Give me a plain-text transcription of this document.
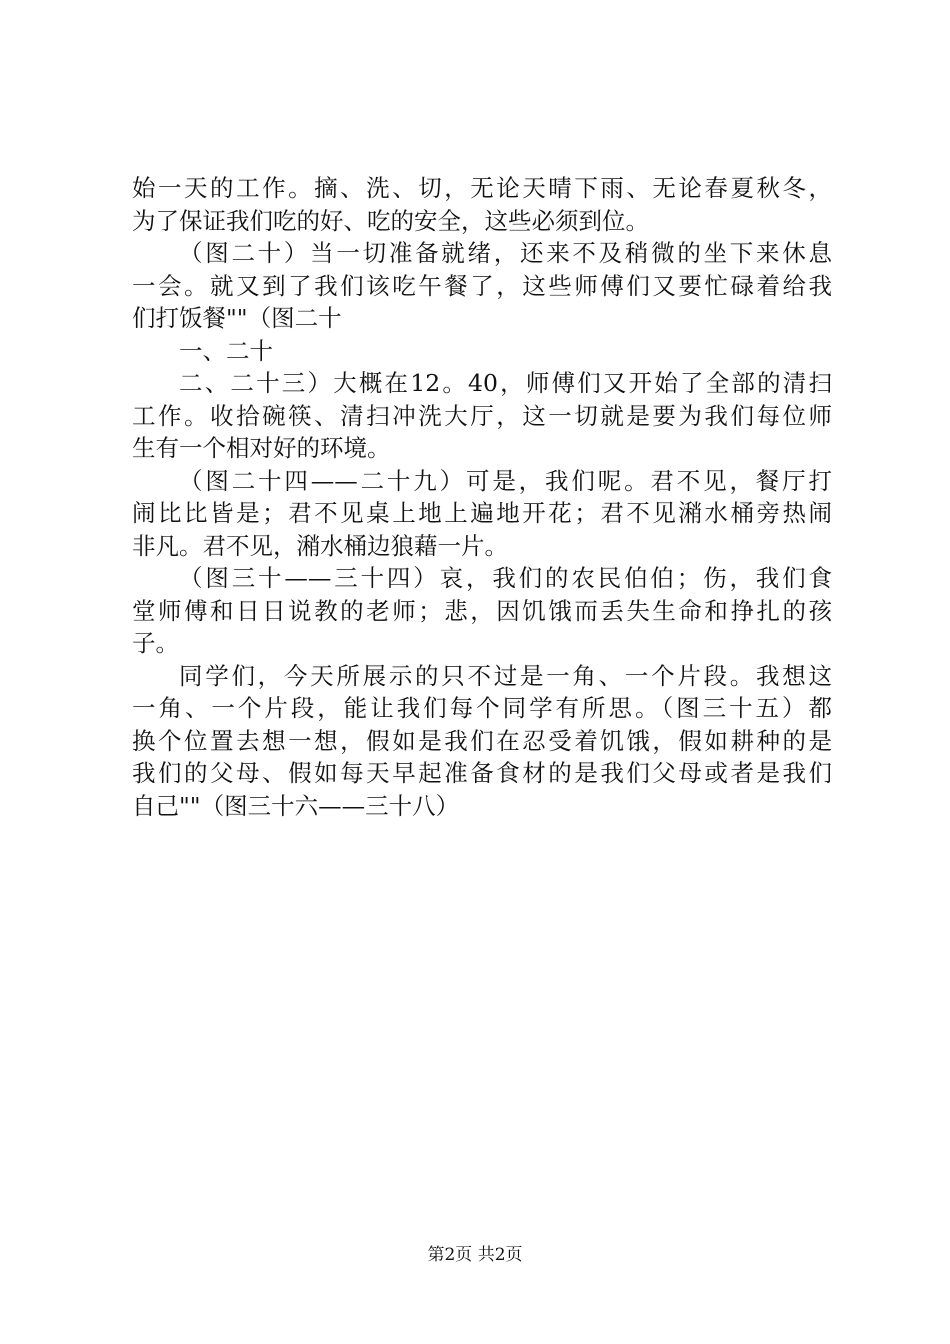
始一天的工作。摘、洗、切，无论天晴下雨、无论春夏秋冬，
为了保证我们吃的好、吃的安全，这些必须到位。
（图二十）当一切准备就绪，还来不及稍微的坐下来休息
一会。就又到了我们该吃午餐了，这些师傅们又要忙碌着给我
们打饭餐""（图二十
一、二十
二、二十三）大概在12。40，师傅们又开始了全部的清扫
工作。收拾碗筷、清扫冲洗大厅，这一切就是要为我们每位师
生有一个相对好的环境。
（图二十四——二十九）可是，我们呢。君不见，餐厅打
闹比比皆是；君不见桌上地上遍地开花；君不见潲水桶旁热闹
非凡。君不见，潲水桶边狼藉一片。
（图三十——三十四）哀，我们的农民伯伯；伤，我们食
堂师傅和日日说教的老师；悲，因饥饿而丢失生命和挣扎的孩
子。
同学们，今天所展示的只不过是一角、一个片段。我想这
一角、一个片段，能让我们每个同学有所思。（图三十五）都
换个位置去想一想，假如是我们在忍受着饥饿，假如耕种的是
我们的父母、假如每天早起准备食材的是我们父母或者是我们
自己""（图三十六——三十八）
第2页 共2页
